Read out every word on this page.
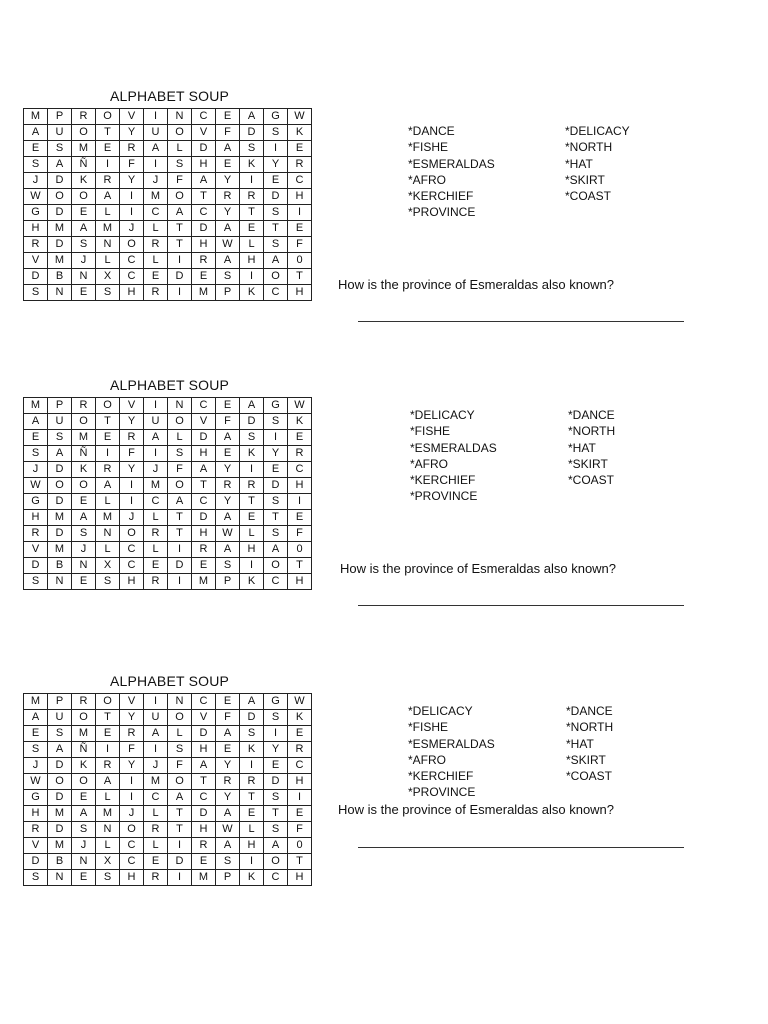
ALPHABET SOUP
M	P	R	O	V	I	N	C	E	A	G	W
A	U	O	T	Y	U	O	V	F	D	S	K
E	S	M	E	R	A	L	D	A	S	I	E
S	A	Ñ	I	F	I	S	H	E	K	Y	R
J	D	K	R	Y	J	F	A	Y	I	E	C
W	O	O	A	I	M	O	T	R	R	D	H
G	D	E	L	I	C	A	C	Y	T	S	I
H	M	A	M	J	L	T	D	A	E	T	E
R	D	S	N	O	R	T	H	W	L	S	F
V	M	J	L	C	L	I	R	A	H	A	0
D	B	N	X	C	E	D	E	S	I	O	T
S	N	E	S	H	R	I	M	P	K	C	H
*DANCE
*FISHE
*ESMERALDAS
*AFRO
*KERCHIEF
*PROVINCE
*DELICACY
*NORTH
*HAT
*SKIRT
*COAST
How is the province of Esmeraldas also known?
ALPHABET SOUP
M	P	R	O	V	I	N	C	E	A	G	W
A	U	O	T	Y	U	O	V	F	D	S	K
E	S	M	E	R	A	L	D	A	S	I	E
S	A	Ñ	I	F	I	S	H	E	K	Y	R
J	D	K	R	Y	J	F	A	Y	I	E	C
W	O	O	A	I	M	O	T	R	R	D	H
G	D	E	L	I	C	A	C	Y	T	S	I
H	M	A	M	J	L	T	D	A	E	T	E
R	D	S	N	O	R	T	H	W	L	S	F
V	M	J	L	C	L	I	R	A	H	A	0
D	B	N	X	C	E	D	E	S	I	O	T
S	N	E	S	H	R	I	M	P	K	C	H
*DELICACY
*FISHE
*ESMERALDAS
*AFRO
*KERCHIEF
*PROVINCE
*DANCE
*NORTH
*HAT
*SKIRT
*COAST
How is the province of Esmeraldas also known?
ALPHABET SOUP
M	P	R	O	V	I	N	C	E	A	G	W
A	U	O	T	Y	U	O	V	F	D	S	K
E	S	M	E	R	A	L	D	A	S	I	E
S	A	Ñ	I	F	I	S	H	E	K	Y	R
J	D	K	R	Y	J	F	A	Y	I	E	C
W	O	O	A	I	M	O	T	R	R	D	H
G	D	E	L	I	C	A	C	Y	T	S	I
H	M	A	M	J	L	T	D	A	E	T	E
R	D	S	N	O	R	T	H	W	L	S	F
V	M	J	L	C	L	I	R	A	H	A	0
D	B	N	X	C	E	D	E	S	I	O	T
S	N	E	S	H	R	I	M	P	K	C	H
*DELICACY
*FISHE
*ESMERALDAS
*AFRO
*KERCHIEF
*PROVINCE
*DANCE
*NORTH
*HAT
*SKIRT
*COAST
How is the province of Esmeraldas also known?
